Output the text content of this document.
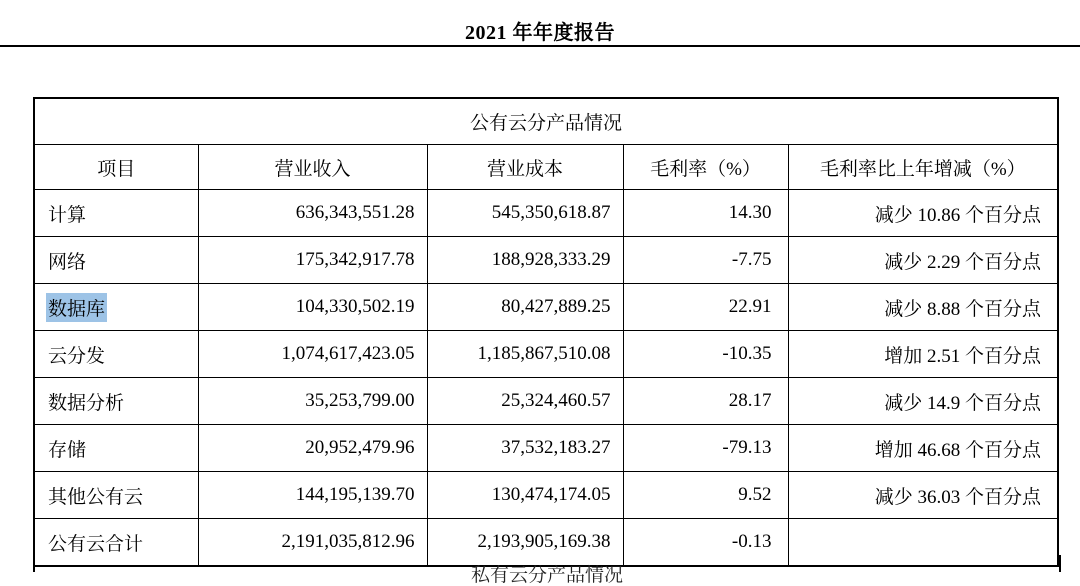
2021 年年度报告
公有云分产品情况				
项目	营业收入	营业成本	毛利率（%）	毛利率比上年增减（%）
计算	636,343,551.28	545,350,618.87	14.30	减少 10.86 个百分点
网络	175,342,917.78	188,928,333.29	-7.75	减少 2.29 个百分点
数据库	104,330,502.19	80,427,889.25	22.91	减少 8.88 个百分点
云分发	1,074,617,423.05	1,185,867,510.08	-10.35	增加 2.51 个百分点
数据分析	35,253,799.00	25,324,460.57	28.17	减少 14.9 个百分点
存储	20,952,479.96	37,532,183.27	-79.13	增加 46.68 个百分点
其他公有云	144,195,139.70	130,474,174.05	9.52	减少 36.03 个百分点
公有云合计	2,191,035,812.96	2,193,905,169.38	-0.13	
私有云分产品情况
